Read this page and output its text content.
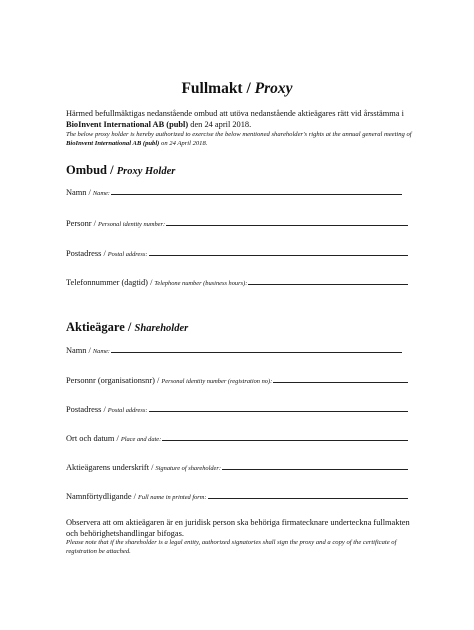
Fullmakt / Proxy

Härmed befullmäktigas nedanstående ombud att utöva nedanstående aktieägares rätt vid årsstämma i BioInvent International AB (publ) den 24 april 2018.

The below proxy holder is hereby authorized to exercise the below mentioned shareholder's rights at the annual general meeting of BioInvent International AB (publ) on 24 April 2018.

Ombud / Proxy Holder
Namn / Name:
Personr / Personal identity number:
Postadress / Postal address:
Telefonnummer (dagtid) / Telephone number (business hours):
Aktieägare / Shareholder
Namn / Name:
Personnr (organisationsnr) / Personal identity number (registration no):
Postadress / Postal address:
Ort och datum / Place and date:
Aktieägarens underskrift / Signature of shareholder:
Namnförtydligande / Full name in printed form:

Observera att om aktieägaren är en juridisk person ska behöriga firmatecknare underteckna fullmakten och behörighetshandlingar bifogas.

Please note that if the shareholder is a legal entity, authorized signatories shall sign the proxy and a copy of the certificate of registration be attached.
